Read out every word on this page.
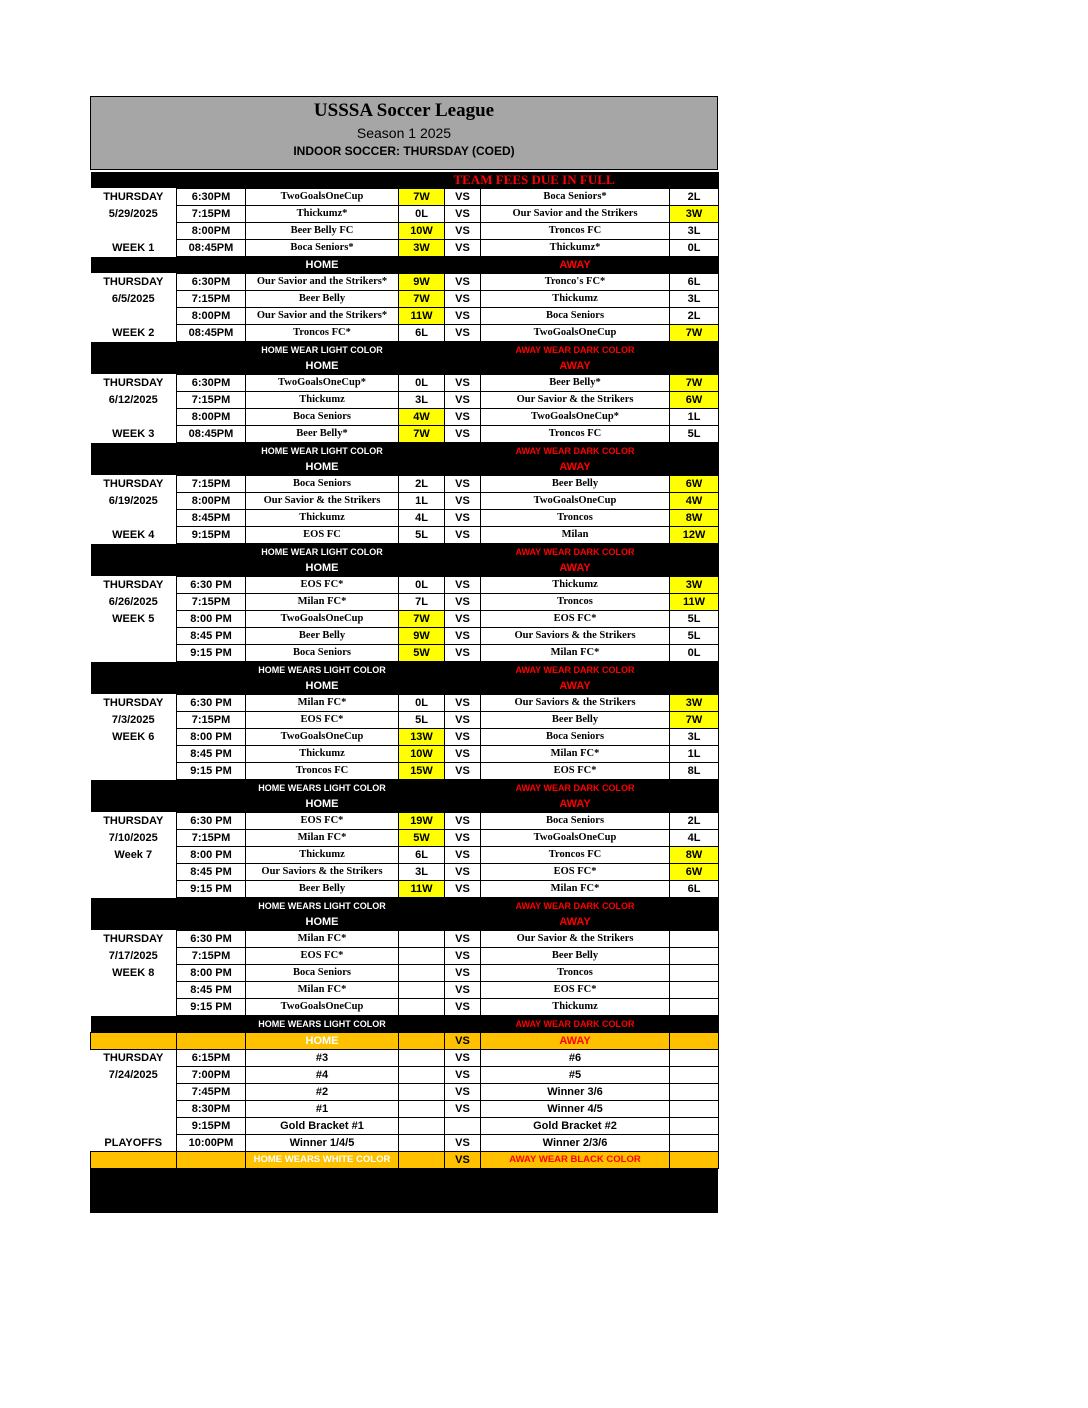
USSSA Soccer League
Season 1 2025
INDOOR SOCCER: THURSDAY (COED)
			TEAM FEES DUE IN FULL			
THURSDAY	6:30PM	TwoGoalsOneCup	7W	VS	Boca Seniors*	2L
5/29/2025	7:15PM	Thickumz*	0L	VS	Our Savior and the Strikers	3W
	8:00PM	Beer Belly FC	10W	VS	Troncos FC	3L
WEEK 1	08:45PM	Boca Seniors*	3W	VS	Thickumz*	0L
		HOME			AWAY	
THURSDAY	6:30PM	Our Savior and the Strikers*	9W	VS	Tronco's FC*	6L
6/5/2025	7:15PM	Beer Belly	7W	VS	Thickumz	3L
	8:00PM	Our Savior and the Strikers*	11W	VS	Boca Seniors	2L
WEEK 2	08:45PM	Troncos FC*	6L	VS	TwoGoalsOneCup	7W
		HOME WEAR LIGHT COLOR			AWAY WEAR DARK COLOR	
		HOME			AWAY	
THURSDAY	6:30PM	TwoGoalsOneCup*	0L	VS	Beer Belly*	7W
6/12/2025	7:15PM	Thickumz	3L	VS	Our Savior & the Strikers	6W
	8:00PM	Boca Seniors	4W	VS	TwoGoalsOneCup*	1L
WEEK 3	08:45PM	Beer Belly*	7W	VS	Troncos FC	5L
		HOME WEAR LIGHT COLOR			AWAY WEAR DARK COLOR	
		HOME			AWAY	
THURSDAY	7:15PM	Boca Seniors	2L	VS	Beer Belly	6W
6/19/2025	8:00PM	Our Savior & the Strikers	1L	VS	TwoGoalsOneCup	4W
	8:45PM	Thickumz	4L	VS	Troncos	8W
WEEK 4	9:15PM	EOS FC	5L	VS	Milan	12W
		HOME WEAR LIGHT COLOR			AWAY WEAR DARK COLOR	
		HOME			AWAY	
THURSDAY	6:30 PM	EOS FC*	0L	VS	Thickumz	3W
6/26/2025	7:15PM	Milan FC*	7L	VS	Troncos	11W
WEEK 5	8:00 PM	TwoGoalsOneCup	7W	VS	EOS FC*	5L
	8:45 PM	Beer Belly	9W	VS	Our Saviors & the Strikers	5L
	9:15 PM	Boca Seniors	5W	VS	Milan FC*	0L
		HOME WEARS LIGHT COLOR			AWAY WEAR DARK COLOR	
		HOME			AWAY	
THURSDAY	6:30 PM	Milan FC*	0L	VS	Our Saviors & the Strikers	3W
7/3/2025	7:15PM	EOS FC*	5L	VS	Beer Belly	7W
WEEK 6	8:00 PM	TwoGoalsOneCup	13W	VS	Boca Seniors	3L
	8:45 PM	Thickumz	10W	VS	Milan FC*	1L
	9:15 PM	Troncos FC	15W	VS	EOS FC*	8L
		HOME WEARS LIGHT COLOR			AWAY WEAR DARK COLOR	
		HOME			AWAY	
THURSDAY	6:30 PM	EOS FC*	19W	VS	Boca Seniors	2L
7/10/2025	7:15PM	Milan FC*	5W	VS	TwoGoalsOneCup	4L
Week 7	8:00 PM	Thickumz	6L	VS	Troncos FC	8W
	8:45 PM	Our Saviors & the Strikers	3L	VS	EOS FC*	6W
	9:15 PM	Beer Belly	11W	VS	Milan FC*	6L
		HOME WEARS LIGHT COLOR			AWAY WEAR DARK COLOR	
		HOME			AWAY	
THURSDAY	6:30 PM	Milan FC*		VS	Our Savior & the Strikers	
7/17/2025	7:15PM	EOS FC*		VS	Beer Belly	
WEEK 8	8:00 PM	Boca Seniors		VS	Troncos	
	8:45 PM	Milan FC*		VS	EOS FC*	
	9:15 PM	TwoGoalsOneCup		VS	Thickumz	
		HOME WEARS LIGHT COLOR			AWAY WEAR DARK COLOR	
		HOME		VS	AWAY	
THURSDAY	6:15PM	#3		VS	#6	
7/24/2025	7:00PM	#4		VS	#5	
	7:45PM	#2		VS	Winner 3/6	
	8:30PM	#1		VS	Winner 4/5	
	9:15PM	Gold Bracket #1			Gold Bracket #2	
PLAYOFFS	10:00PM	Winner 1/4/5		VS	Winner 2/3/6	
		HOME WEARS WHITE COLOR		VS	AWAY WEAR BLACK COLOR	
